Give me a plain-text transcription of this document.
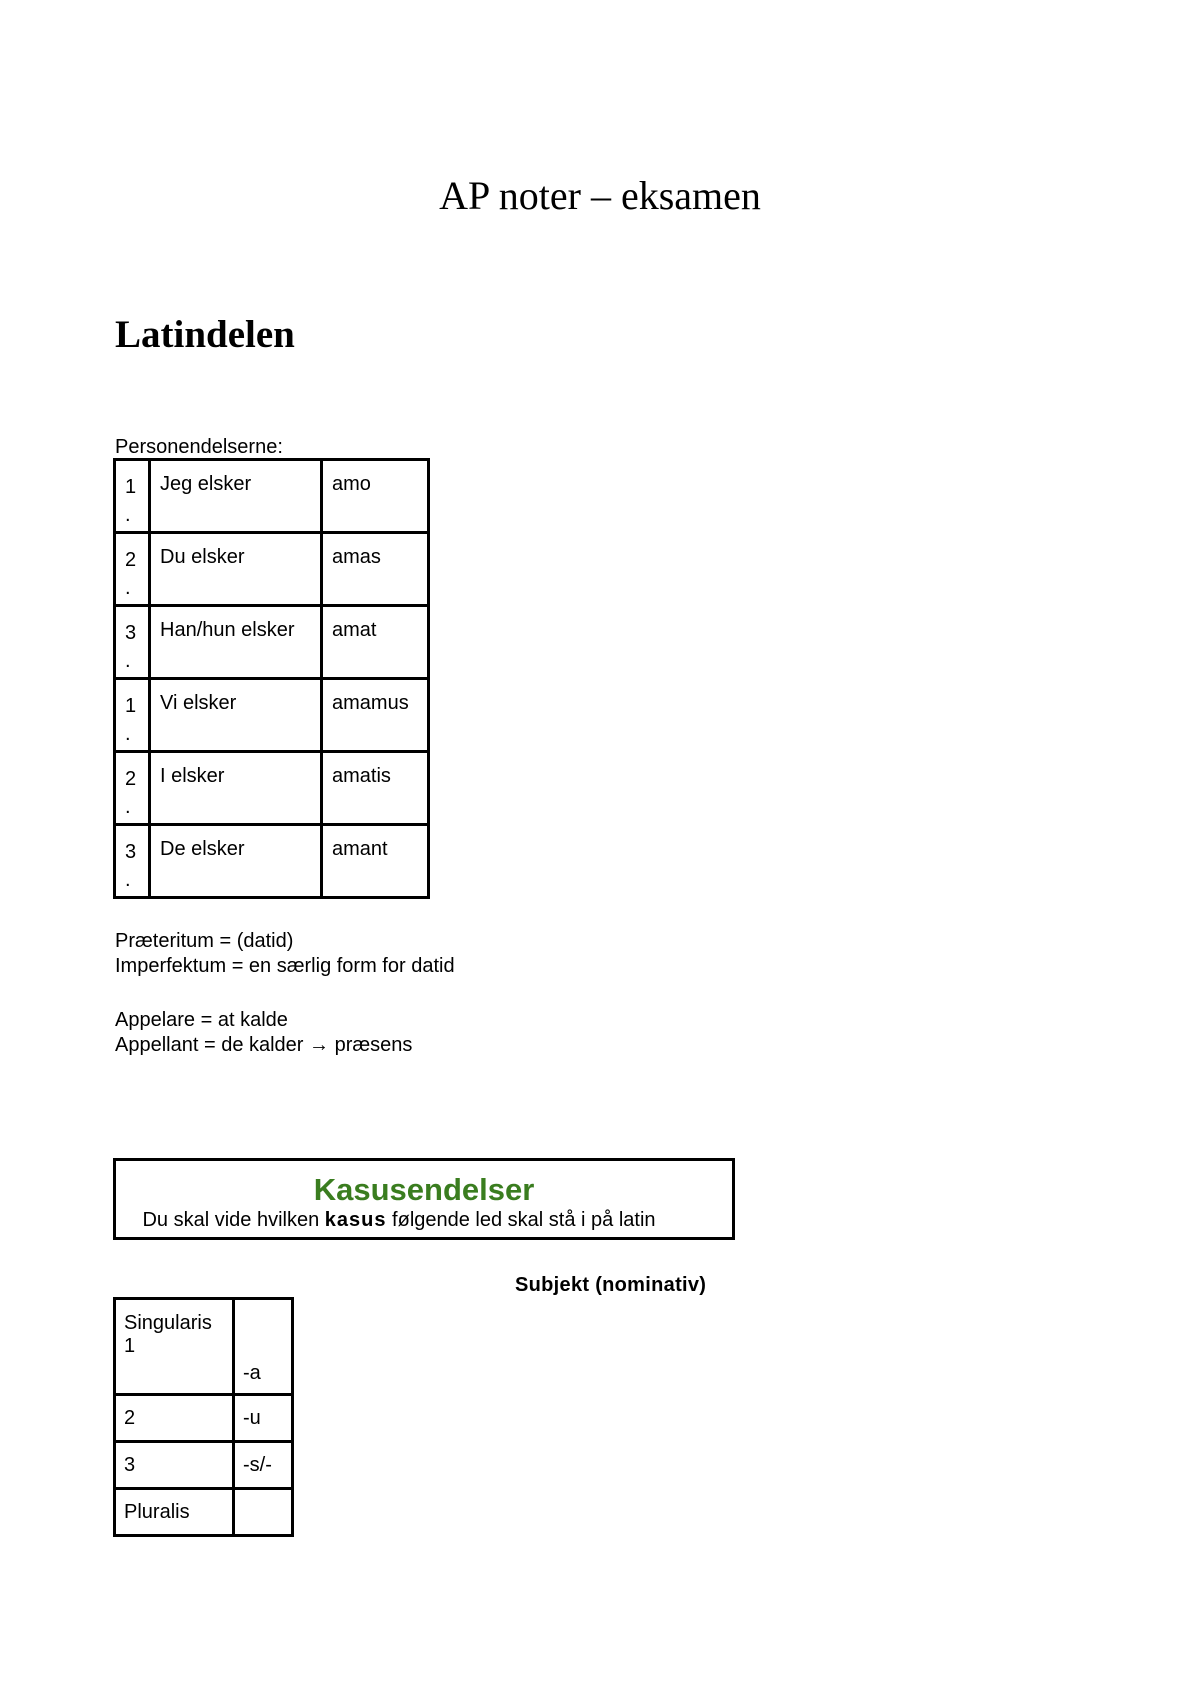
AP noter – eksamen
Latindelen

Personendelserne:

1 .	Jeg elsker	amo
2 .	Du elsker	amas
3 .	Han/hun elsker	amat
1 .	Vi elsker	amamus
2 .	I elsker	amatis
3 .	De elsker	amant

Præteritum = (datid)

Imperfektum = en særlig form for datid

Appelare = at kalde

Appellant = de kalder → præsens

Kasusendelser
Du skal vide hvilken kasus følgende led skal stå i på latin

Subjekt (nominativ)

Singularis 1	-a
2	-u
3	-s/-
Pluralis	
